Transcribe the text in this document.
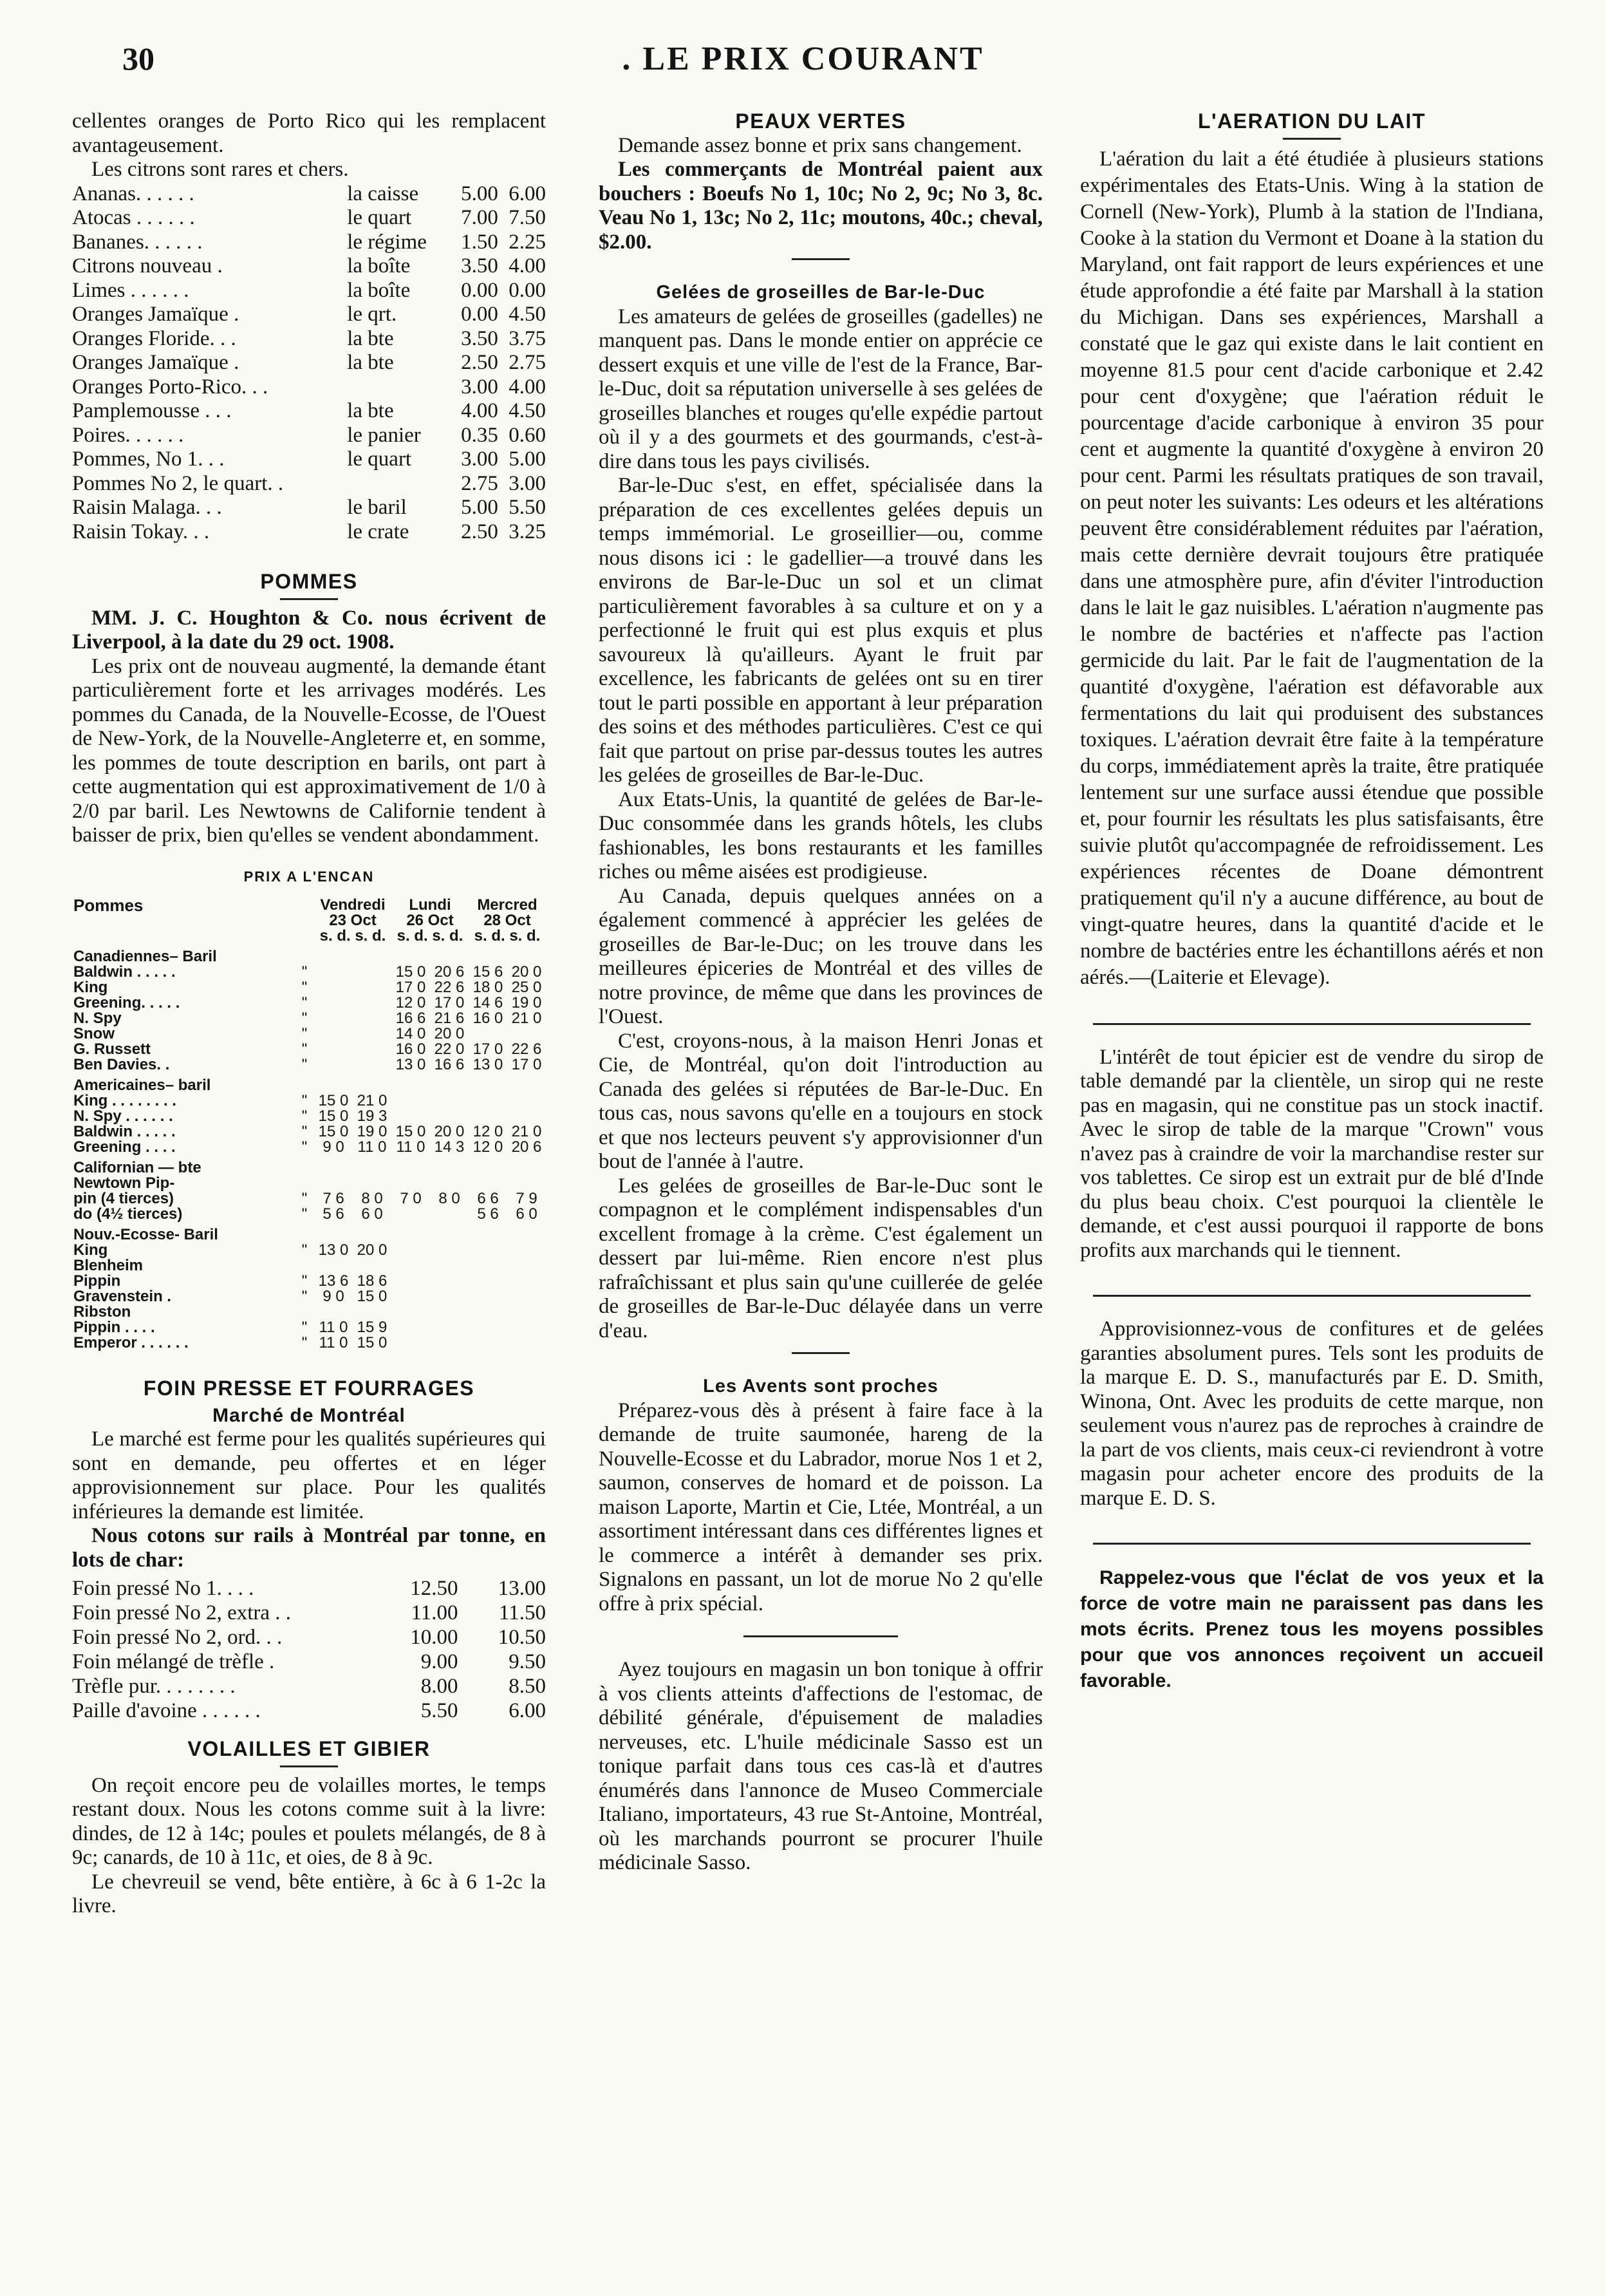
. LE PRIX COURANT
30

cellentes oranges de Porto Rico qui les remplacent avantageusement.

Les citrons sont rares et chers.

Ananas. . . . . .	la caisse	5.00	6.00
Atocas . . . . . .	le quart	7.00	7.50
Bananes. . . . . .	le régime	1.50	2.25
Citrons nouveau .	la boîte	3.50	4.00
Limes . . . . . .	la boîte	0.00	0.00
Oranges Jamaïque .	le qrt.	0.00	4.50
Oranges Floride. . .	la bte	3.50	3.75
Oranges Jamaïque .	la bte	2.50	2.75
Oranges Porto-Rico. . .		3.00	4.00
Pamplemousse . . .	la bte	4.00	4.50
Poires. . . . . .	le panier	0.35	0.60
Pommes, No 1. . .	le quart	3.00	5.00
Pommes No 2, le quart. .		2.75	3.00
Raisin Malaga. . .	le baril	5.00	5.50
Raisin Tokay. . .	le crate	2.50	3.25
POMMES

MM. J. C. Houghton & Co. nous écrivent de Liverpool, à la date du 29 oct. 1908.

Les prix ont de nouveau augmenté, la demande étant particulièrement forte et les arrivages modérés. Les pommes du Canada, de la Nouvelle-Ecosse, de l'Ouest de New-York, de la Nouvelle-Angleterre et, en somme, les pommes de toute description en barils, ont part à cette augmentation qui est approximativement de 1/0 à 2/0 par baril. Les Newtowns de Californie tendent à baisser de prix, bien qu'elles se vendent abondamment.

PRIX A L'ENCAN
Pommes		Vendredi		Lundi		Mercred	
		23 Oct		26 Oct		28 Oct	
		s. d. s. d.		s. d. s. d.		s. d. s. d.	
Canadiennes– Baril							
Baldwin . . . . .	"			15 0	20 6	15 6	20 0
King	"			17 0	22 6	18 0	25 0
Greening. . . . .	"			12 0	17 0	14 6	19 0
N. Spy	"			16 6	21 6	16 0	21 0
Snow	"			14 0	20 0		
G. Russett	"			16 0	22 0	17 0	22 6
Ben Davies. .	"			13 0	16 6	13 0	17 0
Americaines– baril							
King . . . . . . . .	"	15 0	21 0				
N. Spy . . . . . .	"	15 0	19 3				
Baldwin . . . . .	"	15 0	19 0	15 0	20 0	12 0	21 0
Greening . . . .	"	9 0	11 0	11 0	14 3	12 0	20 6
Californian — bte							
Newtown Pip-							
pin (4 tierces)	"	7 6	8 0	7 0	8 0	6 6	7 9
do (4½ tierces)	"	5 6	6 0			5 6	6 0
Nouv.-Ecosse- Baril							
King	"	13 0	20 0				
Blenheim							
Pippin	"	13 6	18 6				
Gravenstein .	"	9 0	15 0				
Ribston							
Pippin . . . .	"	11 0	15 9				
Emperor . . . . . .	"	11 0	15 0				
FOIN PRESSE ET FOURRAGES
Marché de Montréal

Le marché est ferme pour les qualités supérieures qui sont en demande, peu offertes et en léger approvisionnement sur place. Pour les qualités inférieures la demande est limitée.

Nous cotons sur rails à Montréal par tonne, en lots de char:

Foin pressé No 1. . . .	12.50	13.00
Foin pressé No 2, extra . .	11.00	11.50
Foin pressé No 2, ord. . .	10.00	10.50
Foin mélangé de trèfle .	9.00	9.50
Trèfle pur. . . . . . . .	8.00	8.50
Paille d'avoine . . . . . .	5.50	6.00
VOLAILLES ET GIBIER

On reçoit encore peu de volailles mortes, le temps restant doux. Nous les cotons comme suit à la livre: dindes, de 12 à 14c; poules et poulets mélangés, de 8 à 9c; canards, de 10 à 11c, et oies, de 8 à 9c.

Le chevreuil se vend, bête entière, à 6c à 6 1-2c la livre.

PEAUX VERTES

Demande assez bonne et prix sans changement.

Les commerçants de Montréal paient aux bouchers : Boeufs No 1, 10c; No 2, 9c; No 3, 8c. Veau No 1, 13c; No 2, 11c; moutons, 40c.; cheval, $2.00.

Gelées de groseilles de Bar-le-Duc

Les amateurs de gelées de groseilles (gadelles) ne manquent pas. Dans le monde entier on apprécie ce dessert exquis et une ville de l'est de la France, Bar-le-Duc, doit sa réputation universelle à ses gelées de groseilles blanches et rouges qu'elle expédie partout où il y a des gourmets et des gourmands, c'est-à-dire dans tous les pays civilisés.

Bar-le-Duc s'est, en effet, spécialisée dans la préparation de ces excellentes gelées depuis un temps immémorial. Le groseillier—ou, comme nous disons ici : le gadellier—a trouvé dans les environs de Bar-le-Duc un sol et un climat particulièrement favorables à sa culture et on y a perfectionné le fruit qui est plus exquis et plus savoureux là qu'ailleurs. Ayant le fruit par excellence, les fabricants de gelées ont su en tirer tout le parti possible en apportant à leur préparation des soins et des méthodes particulières. C'est ce qui fait que partout on prise par-dessus toutes les autres les gelées de groseilles de Bar-le-Duc.

Aux Etats-Unis, la quantité de gelées de Bar-le-Duc consommée dans les grands hôtels, les clubs fashionables, les bons restaurants et les familles riches ou même aisées est prodigieuse.

Au Canada, depuis quelques années on a également commencé à apprécier les gelées de groseilles de Bar-le-Duc; on les trouve dans les meilleures épiceries de Montréal et des villes de notre province, de même que dans les provinces de l'Ouest.

C'est, croyons-nous, à la maison Henri Jonas et Cie, de Montréal, qu'on doit l'introduction au Canada des gelées si réputées de Bar-le-Duc. En tous cas, nous savons qu'elle en a toujours en stock et que nos lecteurs peuvent s'y approvisionner d'un bout de l'année à l'autre.

Les gelées de groseilles de Bar-le-Duc sont le compagnon et le complément indispensables d'un excellent fromage à la crème. C'est également un dessert par lui-même. Rien encore n'est plus rafraîchissant et plus sain qu'une cuillerée de gelée de groseilles de Bar-le-Duc délayée dans un verre d'eau.

Les Avents sont proches

Préparez-vous dès à présent à faire face à la demande de truite saumonée, hareng de la Nouvelle-Ecosse et du Labrador, morue Nos 1 et 2, saumon, conserves de homard et de poisson. La maison Laporte, Martin et Cie, Ltée, Montréal, a un assortiment intéressant dans ces différentes lignes et le commerce a intérêt à demander ses prix. Signalons en passant, un lot de morue No 2 qu'elle offre à prix spécial.

Ayez toujours en magasin un bon tonique à offrir à vos clients atteints d'affections de l'estomac, de débilité générale, d'épuisement de maladies nerveuses, etc. L'huile médicinale Sasso est un tonique parfait dans tous ces cas-là et d'autres énumérés dans l'annonce de Museo Commerciale Italiano, importateurs, 43 rue St-Antoine, Montréal, où les marchands pourront se procurer l'huile médicinale Sasso.

L'AERATION DU LAIT

L'aération du lait a été étudiée à plusieurs stations expérimentales des Etats-Unis. Wing à la station de Cornell (New-York), Plumb à la station de l'Indiana, Cooke à la station du Vermont et Doane à la station du Maryland, ont fait rapport de leurs expériences et une étude approfondie a été faite par Marshall à la station du Michigan. Dans ses expériences, Marshall a constaté que le gaz qui existe dans le lait contient en moyenne 81.5 pour cent d'acide carbonique et 2.42 pour cent d'oxygène; que l'aération réduit le pourcentage d'acide carbonique à environ 35 pour cent et augmente la quantité d'oxygène à environ 20 pour cent. Parmi les résultats pratiques de son travail, on peut noter les suivants: Les odeurs et les altérations peuvent être considérablement réduites par l'aération, mais cette dernière devrait toujours être pratiquée dans une atmosphère pure, afin d'éviter l'introduction dans le lait le gaz nuisibles. L'aération n'augmente pas le nombre de bactéries et n'affecte pas l'action germicide du lait. Par le fait de l'augmentation de la quantité d'oxygène, l'aération est défavorable aux fermentations du lait qui produisent des substances toxiques. L'aération devrait être faite à la température du corps, immédiatement après la traite, être pratiquée lentement sur une surface aussi étendue que possible et, pour fournir les résultats les plus satisfaisants, être suivie plutôt qu'accompagnée de refroidissement. Les expériences récentes de Doane démontrent pratiquement qu'il n'y a aucune différence, au bout de vingt-quatre heures, dans la quantité d'acide et le nombre de bactéries entre les échantillons aérés et non aérés.—(Laiterie et Elevage).

L'intérêt de tout épicier est de vendre du sirop de table demandé par la clientèle, un sirop qui ne reste pas en magasin, qui ne constitue pas un stock inactif. Avec le sirop de table de la marque "Crown" vous n'avez pas à craindre de voir la marchandise rester sur vos tablettes. Ce sirop est un extrait pur de blé d'Inde du plus beau choix. C'est pourquoi la clientèle le demande, et c'est aussi pourquoi il rapporte de bons profits aux marchands qui le tiennent.

Approvisionnez-vous de confitures et de gelées garanties absolument pures. Tels sont les produits de la marque E. D. S., manufacturés par E. D. Smith, Winona, Ont. Avec les produits de cette marque, non seulement vous n'aurez pas de reproches à craindre de la part de vos clients, mais ceux-ci reviendront à votre magasin pour acheter encore des produits de la marque E. D. S.

Rappelez-vous que l'éclat de vos yeux et la force de votre main ne paraissent pas dans les mots écrits. Prenez tous les moyens possibles pour que vos annonces reçoivent un accueil favorable.
